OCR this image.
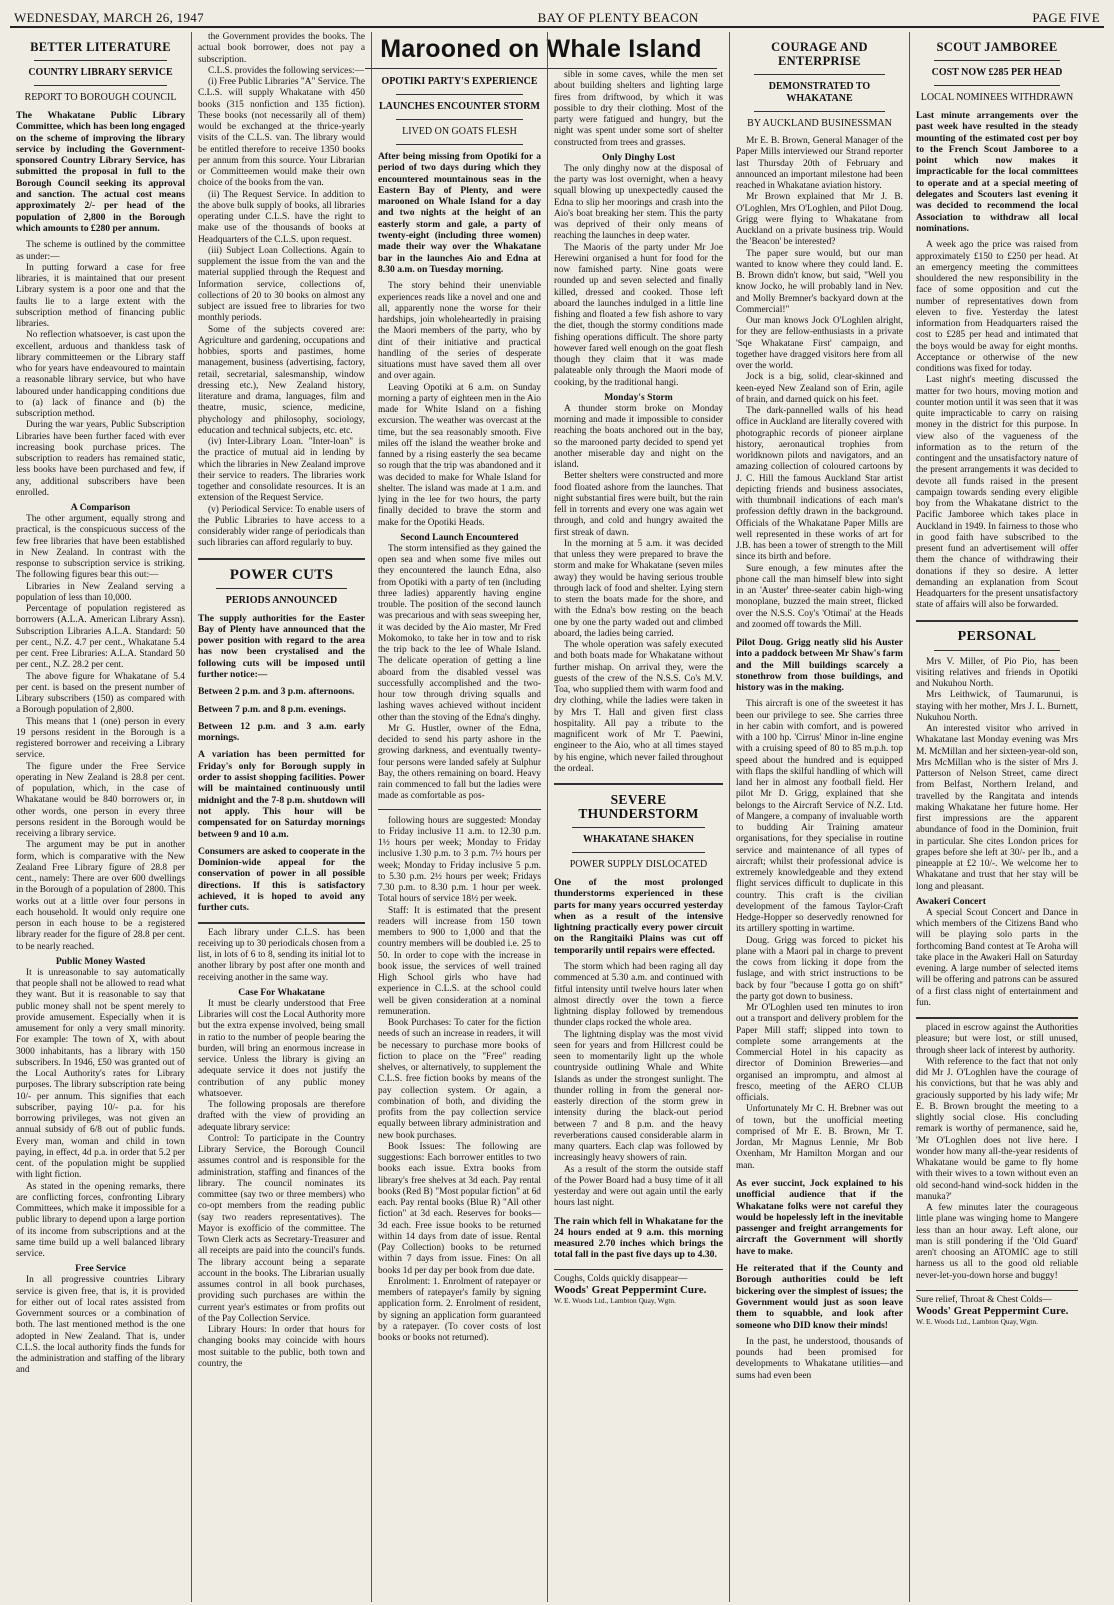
WEDNESDAY, MARCH 26, 1947	BAY OF PLENTY BEACON	PAGE FIVE
Marooned on Whale Island
BETTER LITERATURE
COUNTRY LIBRARY SERVICE
REPORT TO BOROUGH COUNCIL
The Whakatane Public Library Committee, which has been long engaged on the scheme of improving the library service by including the Government-sponsored Country Library Service, has submitted the proposal in full to the Borough Council seeking its approval and sanction. The actual cost means approximately 2/- per head of the population of 2,800 in the Borough which amounts to £280 per annum.

The scheme is outlined by the committee as under:—

In putting forward a case for free libraries, it is maintained that our present Library system is a poor one and that the faults lie to a large extent with the subscription method of financing public libraries.

No reflection whatsoever, is cast upon the excellent, arduous and thankless task of library committeemen or the Library staff who for years have endeavoured to maintain a reasonable library service, but who have laboured under handicapping conditions due to (a) lack of finance and (b) the subscription method.

During the war years, Public Subscription Libraries have been further faced with ever increasing book purchase prices. The subscription to readers has remained static, less books have been purchased and few, if any, additional subscribers have been enrolled.

A Comparison

The other argument, equally strong and practical, is the conspicuous success of the few free libraries that have been established in New Zealand. In contrast with the response to subscription service is striking. The following figures bear this out:—

Libraries in New Zealand serving a population of less than 10,000.

Percentage of population registered as borrowers (A.L.A. American Library Assn). Subscription Libraries A.L.A. Standard: 50 per cent., N.Z. 4.7 per cent., Whakatane 5.4 per cent. Free Libraries: A.L.A. Standard 50 per cent., N.Z. 28.2 per cent.

The above figure for Whakatane of 5.4 per cent. is based on the present number of Library subscribers (150) as compared with a Borough population of 2,800.

This means that 1 (one) person in every 19 persons resident in the Borough is a registered borrower and receiving a Library service.

The figure under the Free Service operating in New Zealand is 28.8 per cent. of population, which, in the case of Whakatane would be 840 borrowers or, in other words, one person in every three persons resident in the Borough would be receiving a library service.

The argument may be put in another form, which is comparative with the New Zealand Free Library figure of 28.8 per cent., namely: There are over 600 dwellings in the Borough of a population of 2800. This works out at a little over four persons in each household. It would only require one person in each house to be a registered library reader for the figure of 28.8 per cent. to be nearly reached.

Public Money Wasted

It is unreasonable to say automatically that people shall not be allowed to read what they want. But it is reasonable to say that public money shall not be spent merely to provide amusement. Especially when it is amusement for only a very small minority. For example: The town of X, with about 3000 inhabitants, has a library with 150 subscribers. In 1946, £50 was granted out of the Local Authority's rates for Library purposes. The library subscription rate being 10/- per annum. This signifies that each subscriber, paying 10/- p.a. for his borrowing privileges, was not given an annual subsidy of 6/8 out of public funds. Every man, woman and child in town paying, in effect, 4d p.a. in order that 5.2 per cent. of the population might be supplied with light fiction.

As stated in the opening remarks, there are conflicting forces, confronting Library Committees, which make it impossible for a public library to depend upon a large portion of its income from subscriptions and at the same time build up a well balanced library service.

Free Service

In all progressive countries Library service is given free, that is, it is provided for either out of local rates assisted from Government sources or a combination of both. The last mentioned method is the one adopted in New Zealand. That is, under C.L.S. the local authority finds the funds for the administration and staffing of the library and

the Government provides the books. The actual book borrower, does not pay a subscription.

C.L.S. provides the following services:—

(i) Free Public Libraries "A" Service. The C.L.S. will supply Whakatane with 450 books (315 nonfiction and 135 fiction). These books (not necessarily all of them) would be exchanged at the thrice-yearly visits of the C.L.S. van. The library would be entitled therefore to receive 1350 books per annum from this source. Your Librarian or Committeemen would make their own choice of the books from the van.

(ii) The Request Service. In addition to the above bulk supply of books, all libraries operating under C.L.S. have the right to make use of the thousands of books at Headquarters of the C.L.S. upon request.

(iii) Subject Loan Collections. Again to supplement the issue from the van and the material supplied through the Request and Information service, collections of, collections of 20 to 30 books on almost any subject are issued free to libraries for two monthly periods.

Some of the subjects covered are: Agriculture and gardening, occupations and hobbies, sports and pastimes, home management, business (advertising, factory, retail, secretarial, salesmanship, window dressing etc.), New Zealand history, literature and drama, languages, film and theatre, music, science, medicine, phychology and philosophy, sociology, education and technical subjects, etc. etc.

(iv) Inter-Library Loan. "Inter-loan" is the practice of mutual aid in lending by which the libraries in New Zealand improve their service to readers. The libraries work together and consolidate resources. It is an extension of the Request Service.

(v) Periodical Service: To enable users of the Public Libraries to have access to a considerably wider range of periodicals than such libraries can afford regularly to buy.

POWER CUTS
PERIODS ANNOUNCED
The supply authorities for the Easter Bay of Plenty have announced that the power position with regard to the area has now been crystalised and the following cuts will be imposed until further notice:—
Between 2 p.m. and 3 p.m. afternoons.
Between 7 p.m. and 8 p.m. evenings.
Between 12 p.m. and 3 a.m. early mornings.
A variation has been permitted for Friday's only for Borough supply in order to assist shopping facilities. Power will be maintained continuously until midnight and the 7-8 p.m. shutdown will not apply. This hour will be compensated for on Saturday mornings between 9 and 10 a.m.
Consumers are asked to cooperate in the Dominion-wide appeal for the conservation of power in all possible directions. If this is satisfactory achieved, it is hoped to avoid any further cuts.

Each library under C.L.S. has been receiving up to 30 periodicals chosen from a list, in lots of 6 to 8, sending its initial lot to another library by post after one month and receiving another in the same way.

Case For Whakatane

It must be clearly understood that Free Libraries will cost the Local Authority more but the extra expense involved, being small in ratio to the number of people bearing the burden, will bring an enormous increase in service. Unless the library is giving an adequate service it does not justify the contribution of any public money whatsoever.

The following proposals are therefore drafted with the view of providing an adequate library service:

Control: To participate in the Country Library Service, the Borough Council assumes control and is responsible for the administration, staffing and finances of the library. The council nominates its committee (say two or three members) who co-opt members from the reading public (say two readers representatives). The Mayor is exofficio of the committee. The Town Clerk acts as Secretary-Treasurer and all receipts are paid into the council's funds. The library account being a separate account in the books. The Librarian usually assumes control in all book purchases, providing such purchases are within the current year's estimates or from profits out of the Pay Collection Service.

Library Hours: In order that hours for changing books may coincide with hours most suitable to the public, both town and country, the

OPOTIKI PARTY'S EXPERIENCE
LAUNCHES ENCOUNTER STORM
LIVED ON GOATS FLESH
After being missing from Opotiki for a period of two days during which they encountered mountainous seas in the Eastern Bay of Plenty, and were marooned on Whale Island for a day and two nights at the height of an easterly storm and gale, a party of twenty-eight (including three women) made their way over the Whakatane bar in the launches Aio and Edna at 8.30 a.m. on Tuesday morning.

The story behind their unenviable experiences reads like a novel and one and all, apparently none the worse for their hardships, join wholeheartedly in praising the Maori members of the party, who by dint of their initiative and practical handling of the series of desperate situations must have saved them all over and over again.

Leaving Opotiki at 6 a.m. on Sunday morning a party of eighteen men in the Aio made for White Island on a fishing excursion. The weather was overcast at the time, but the sea reasonably smooth. Five miles off the island the weather broke and fanned by a rising easterly the sea became so rough that the trip was abandoned and it was decided to make for Whale Island for shelter. The island was made at 1 a.m. and lying in the lee for two hours, the party finally decided to brave the storm and make for the Opotiki Heads.

Second Launch Encountered

The storm intensified as they gained the open sea and when some five miles out they encountered the launch Edna, also from Opotiki with a party of ten (including three ladies) apparently having engine trouble. The position of the second launch was precarious and with seas sweeping her, it was decided by the Aio master, Mr Fred Mokomoko, to take her in tow and to risk the trip back to the lee of Whale Island. The delicate operation of getting a line aboard from the disabled vessel was successfully accomplished and the two-hour tow through driving squalls and lashing waves achieved without incident other than the stoving of the Edna's dinghy.

Mr G. Hustler, owner of the Edna, decided to send his party ashore in the growing darkness, and eventually twenty-four persons were landed safely at Sulphur Bay, the others remaining on board. Heavy rain commenced to fall but the ladies were made as comfortable as pos-

following hours are suggested: Monday to Friday inclusive 11 a.m. to 12.30 p.m. 1½ hours per week; Monday to Friday inclusive 1.30 p.m. to 3 p.m. 7½ hours per week; Monday to Friday inclusive 5 p.m. to 5.30 p.m. 2½ hours per week; Fridays 7.30 p.m. to 8.30 p.m. 1 hour per week. Total hours of service 18½ per week.

Staff: It is estimated that the present readers will increase from 150 town members to 900 to 1,000 and that the country members will be doubled i.e. 25 to 50. In order to cope with the increase in book issue, the services of well trained High School girls who have had experience in C.L.S. at the school could well be given consideration at a nominal remuneration.

Book Purchases: To cater for the fiction needs of such an increase in readers, it will be necessary to purchase more books of fiction to place on the "Free" reading shelves, or alternatively, to supplement the C.L.S. free fiction books by means of the pay collection system. Or again, a combination of both, and dividing the profits from the pay collection service equally between library administration and new book purchases.

Book Issues: The following are suggestions: Each borrower entitles to two books each issue. Extra books from library's free shelves at 3d each. Pay rental books (Red B) "Most popular fiction" at 6d each. Pay rental books (Blue R) "All other fiction" at 3d each. Reserves for books—3d each. Free issue books to be returned within 14 days from date of issue. Rental (Pay Collection) books to be returned within 7 days from issue. Fines: On all books 1d per day per book from due date.

Enrolment: 1. Enrolment of ratepayer or members of ratepayer's family by signing application form. 2. Enrolment of resident, by signing an application form guaranteed by a ratepayer. (To cover costs of lost books or books not returned).

sible in some caves, while the men set about building shelters and lighting large fires from driftwood, by which it was possible to dry their clothing. Most of the party were fatigued and hungry, but the night was spent under some sort of shelter constructed from trees and grasses.

Only Dinghy Lost

The only dinghy now at the disposal of the party was lost overnight, when a heavy squall blowing up unexpectedly caused the Edna to slip her moorings and crash into the Aio's boat breaking her stem. This the party was deprived of their only means of reaching the launches in deep water.

The Maoris of the party under Mr Joe Herewini organised a hunt for food for the now famished party. Nine goats were rounded up and seven selected and finally killed, dressed and cooked. Those left aboard the launches indulged in a little line fishing and floated a few fish ashore to vary the diet, though the stormy conditions made fishing operations difficult. The shore party however fared well enough on the goat flesh though they claim that it was made palateable only through the Maori mode of cooking, by the traditional hangi.

Monday's Storm

A thunder storm broke on Monday morning and made it impossible to consider reaching the boats anchored out in the bay, so the marooned party decided to spend yet another miserable day and night on the island.

Better shelters were constructed and more food floated ashore from the launches. That night substantial fires were built, but the rain fell in torrents and every one was again wet through, and cold and hungry awaited the first streak of dawn.

In the morning at 5 a.m. it was decided that unless they were prepared to brave the storm and make for Whakatane (seven miles away) they would be having serious trouble through lack of food and shelter. Lying stern to stern the boats made for the shore, and with the Edna's bow resting on the beach one by one the party waded out and climbed aboard, the ladies being carried.

The whole operation was safely executed and both boats made for Whakatane without further mishap. On arrival they, were the guests of the crew of the N.S.S. Co's M.V. Toa, who supplied them with warm food and dry clothing, while the ladies were taken in by Mrs T. Hall and given first class hospitality. All pay a tribute to the magnificent work of Mr T. Paewini, engineer to the Aio, who at all times stayed by his engine, which never failed throughout the ordeal.

SEVERE THUNDERSTORM
WHAKATANE SHAKEN
POWER SUPPLY DISLOCATED
One of the most prolonged thunderstorms experienced in these parts for many years occurred yesterday when as a result of the intensive lightning practically every power circuit on the Rangitaiki Plains was cut off temporarily until repairs were effected.

The storm which had been raging all day commenced at 5.30 a.m. and continued with fitful intensity until twelve hours later when almost directly over the town a fierce lightning display followed by tremendous thunder claps rocked the whole area.

The lightning display was the most vivid seen for years and from Hillcrest could be seen to momentarily light up the whole countryside outlining Whale and White Islands as under the strongest sunlight. The thunder rolling in from the general nor-easterly direction of the storm grew in intensity during the black-out period between 7 and 8 p.m. and the heavy reverberations caused considerable alarm in many quarters. Each clap was followed by increasingly heavy showers of rain.

As a result of the storm the outside staff of the Power Board had a busy time of it all yesterday and were out again until the early hours last night.

The rain which fell in Whakatane for the 24 hours ended at 9 a.m. this morning measured 2.70 inches which brings the total fall in the past five days up to 4.30.
Coughs, Colds quickly disappear—
Woods' Great Peppermint Cure.
W. E. Woods Ltd., Lambton Quay, Wgtn.
COURAGE AND ENTERPRISE
DEMONSTRATED TO WHAKATANE
BY AUCKLAND BUSINESSMAN

Mr E. B. Brown, General Manager of the Paper Mills interviewed our Strand reporter last Thursday 20th of February and announced an important milestone had been reached in Whakatane aviation history.

Mr Brown explained that Mr J. B. O'Loghlen, Mrs O'Loghlen, and Pilot Doug. Grigg were flying to Whakatane from Auckland on a private business trip. Would the 'Beacon' be interested?

The paper sure would, but our man wanted to know where they could land. E. B. Brown didn't know, but said, "Well you know Jocko, he will probably land in Nev. and Molly Bremner's backyard down at the Commercial!"

Our man knows Jock O'Loghlen alright, for they are fellow-enthusiasts in a private 'Sqe Whakatane First' campaign, and together have dragged visitors here from all over the world.

Jock is a big, solid, clear-skinned and keen-eyed New Zealand son of Erin, agile of brain, and darned quick on his feet.

The dark-pannelled walls of his head office in Auckland are literally covered with photographic records of pioneer airplane history, aeronautical trophies from worldknown pilots and navigators, and an amazing collection of coloured cartoons by J. C. Hill the famous Auckland Star artist depicting friends and business associates, with thumbnail indications of each man's profession deftly drawn in the background. Officials of the Whakatane Paper Mills are well represented in these works of art for J.B. has been a tower of strength to the Mill since its birth and before.

Sure enough, a few minutes after the phone call the man himself blew into sight in an 'Auster' three-seater cabin high-wing monoplane, buzzed the main street, flicked over the N.S.S. Coy's 'Otimai' at the Heads and zoomed off towards the Mill.

Pilot Doug. Grigg neatly slid his Auster into a paddock between Mr Shaw's farm and the Mill buildings scarcely a stonethrow from those buildings, and history was in the making.

This aircraft is one of the sweetest it has been our privilege to see. She carries three in her cabin with comfort, and is powered with a 100 hp. 'Cirrus' Minor in-line engine with a cruising speed of 80 to 85 m.p.h. top speed about the hundred and is equipped with flaps the skilful handling of which will land her in almost any football field. Her pilot Mr D. Grigg, explained that she belongs to the Aircraft Service of N.Z. Ltd. of Mangere, a company of invaluable worth to budding Air Training amateur organisations, for they specialise in routine service and maintenance of all types of aircraft; whilst their professional advice is extremely knowledgeable and they extend flight services difficult to duplicate in this country. This craft is the civilian development of the famous Taylor-Craft Hedge-Hopper so deservedly renowned for its artillery spotting in wartime.

Doug. Grigg was forced to picket his plane with a Maori pal in charge to prevent the cows from licking it dope from the fuslage, and with strict instructions to be back by four "because I gotta go on shift" the party got down to business.

Mr O'Loghlen used ten minutes to iron out a transport and delivery problem for the Paper Mill staff; slipped into town to complete some arrangements at the Commercial Hotel in his capacity as director of Dominion Breweries—and organised an impromptu, and almost al fresco, meeting of the AERO CLUB officials.

Unfortunately Mr C. H. Brebner was out of town, but the unofficial meeting comprised of Mr E. B. Brown, Mr T. Jordan, Mr Magnus Lennie, Mr Bob Oxenham, Mr Hamilton Morgan and our man.

As ever succint, Jock explained to his unofficial audience that if the Whakatane folks were not careful they would be hopelessly left in the inevitable passenger and freight arrangements for aircraft the Government will shortly have to make.
He reiterated that if the County and Borough authorities could be left bickering over the simplest of issues; the Government would just as soon leave them to squabble, and look after someone who DID know their minds!

In the past, he understood, thousands of pounds had been promised for developments to Whakatane utilities—and sums had even been

SCOUT JAMBOREE
COST NOW £285 PER HEAD
LOCAL NOMINEES WITHDRAWN
Last minute arrangements over the past week have resulted in the steady mounting of the estimated cost per boy to the French Scout Jamboree to a point which now makes it impracticable for the local committees to operate and at a special meeting of delegates and Scouters last evening it was decided to recommend the local Association to withdraw all local nominations.

A week ago the price was raised from approximately £150 to £250 per head. At an emergency meeting the committees shouldered the new responsibility in the face of some opposition and cut the number of representatives down from eleven to five. Yesterday the latest information from Headquarters raised the cost to £285 per head and intimated that the boys would be away for eight months. Acceptance or otherwise of the new conditions was fixed for today.

Last night's meeting discussed the matter for two hours, moving motion and counter motion until it was seen that it was quite impracticable to carry on raising money in the district for this purpose. In view also of the vagueness of the information as to the return of the contingent and the unsatisfactory nature of the present arrangements it was decided to devote all funds raised in the present campaign towards sending every eligible boy from the Whakatane district to the Pacific Jamboree which takes place in Auckland in 1949. In fairness to those who in good faith have subscribed to the present fund an advertisement will offer them the chance of withdrawing their donations if they so desire. A letter demanding an explanation from Scout Headquarters for the present unsatisfactory state of affairs will also be forwarded.

PERSONAL

Mrs V. Miller, of Pio Pio, has been visiting relatives and friends in Opotiki and Nukuhou North.

Mrs Leithwick, of Taumarunui, is staying with her mother, Mrs J. L. Burnett, Nukuhou North.

An interested visitor who arrived in Whakatane last Monday evening was Mrs M. McMillan and her sixteen-year-old son, Mrs McMillan who is the sister of Mrs J. Patterson of Nelson Street, came direct from Belfast, Northern Ireland, and travelled by the Rangitata and intends making Whakatane her future home. Her first impressions are the apparent abundance of food in the Dominion, fruit in particular. She cites London prices for grapes before she left at 30/- per lb., and a pineapple at £2 10/-. We welcome her to Whakatane and trust that her stay will be long and pleasant.

Awakeri Concert

A special Scout Concert and Dance in which members of the Citizens Band who will be playing solo parts in the forthcoming Band contest at Te Aroha will take place in the Awakeri Hall on Saturday evening. A large number of selected items will be offering and patrons can be assured of a first class night of entertainment and fun.

placed in escrow against the Authorities pleasure; but were lost, or still unused, through sheer lack of interest by authority.

With reference to the fact that not only did Mr J. O'Loghlen have the courage of his convictions, but that he was ably and graciously supported by his lady wife; Mr E. B. Brown brought the meeting to a slightly social close. His concluding remark is worthy of permanence, said he, 'Mr O'Loghlen does not live here. I wonder how many all-the-year residents of Whakatane would be game to fly home with their wives to a town without even an old second-hand wind-sock hidden in the manuka?'

A few minutes later the courageous little plane was winging home to Mangere less than an hour away. Left alone, our man is still pondering if the 'Old Guard' aren't choosing an ATOMIC age to still harness us all to the good old reliable never-let-you-down horse and buggy!

Sure relief, Throat & Chest Colds—
Woods' Great Peppermint Cure.
W. E. Woods Ltd., Lambton Quay, Wgtn.
